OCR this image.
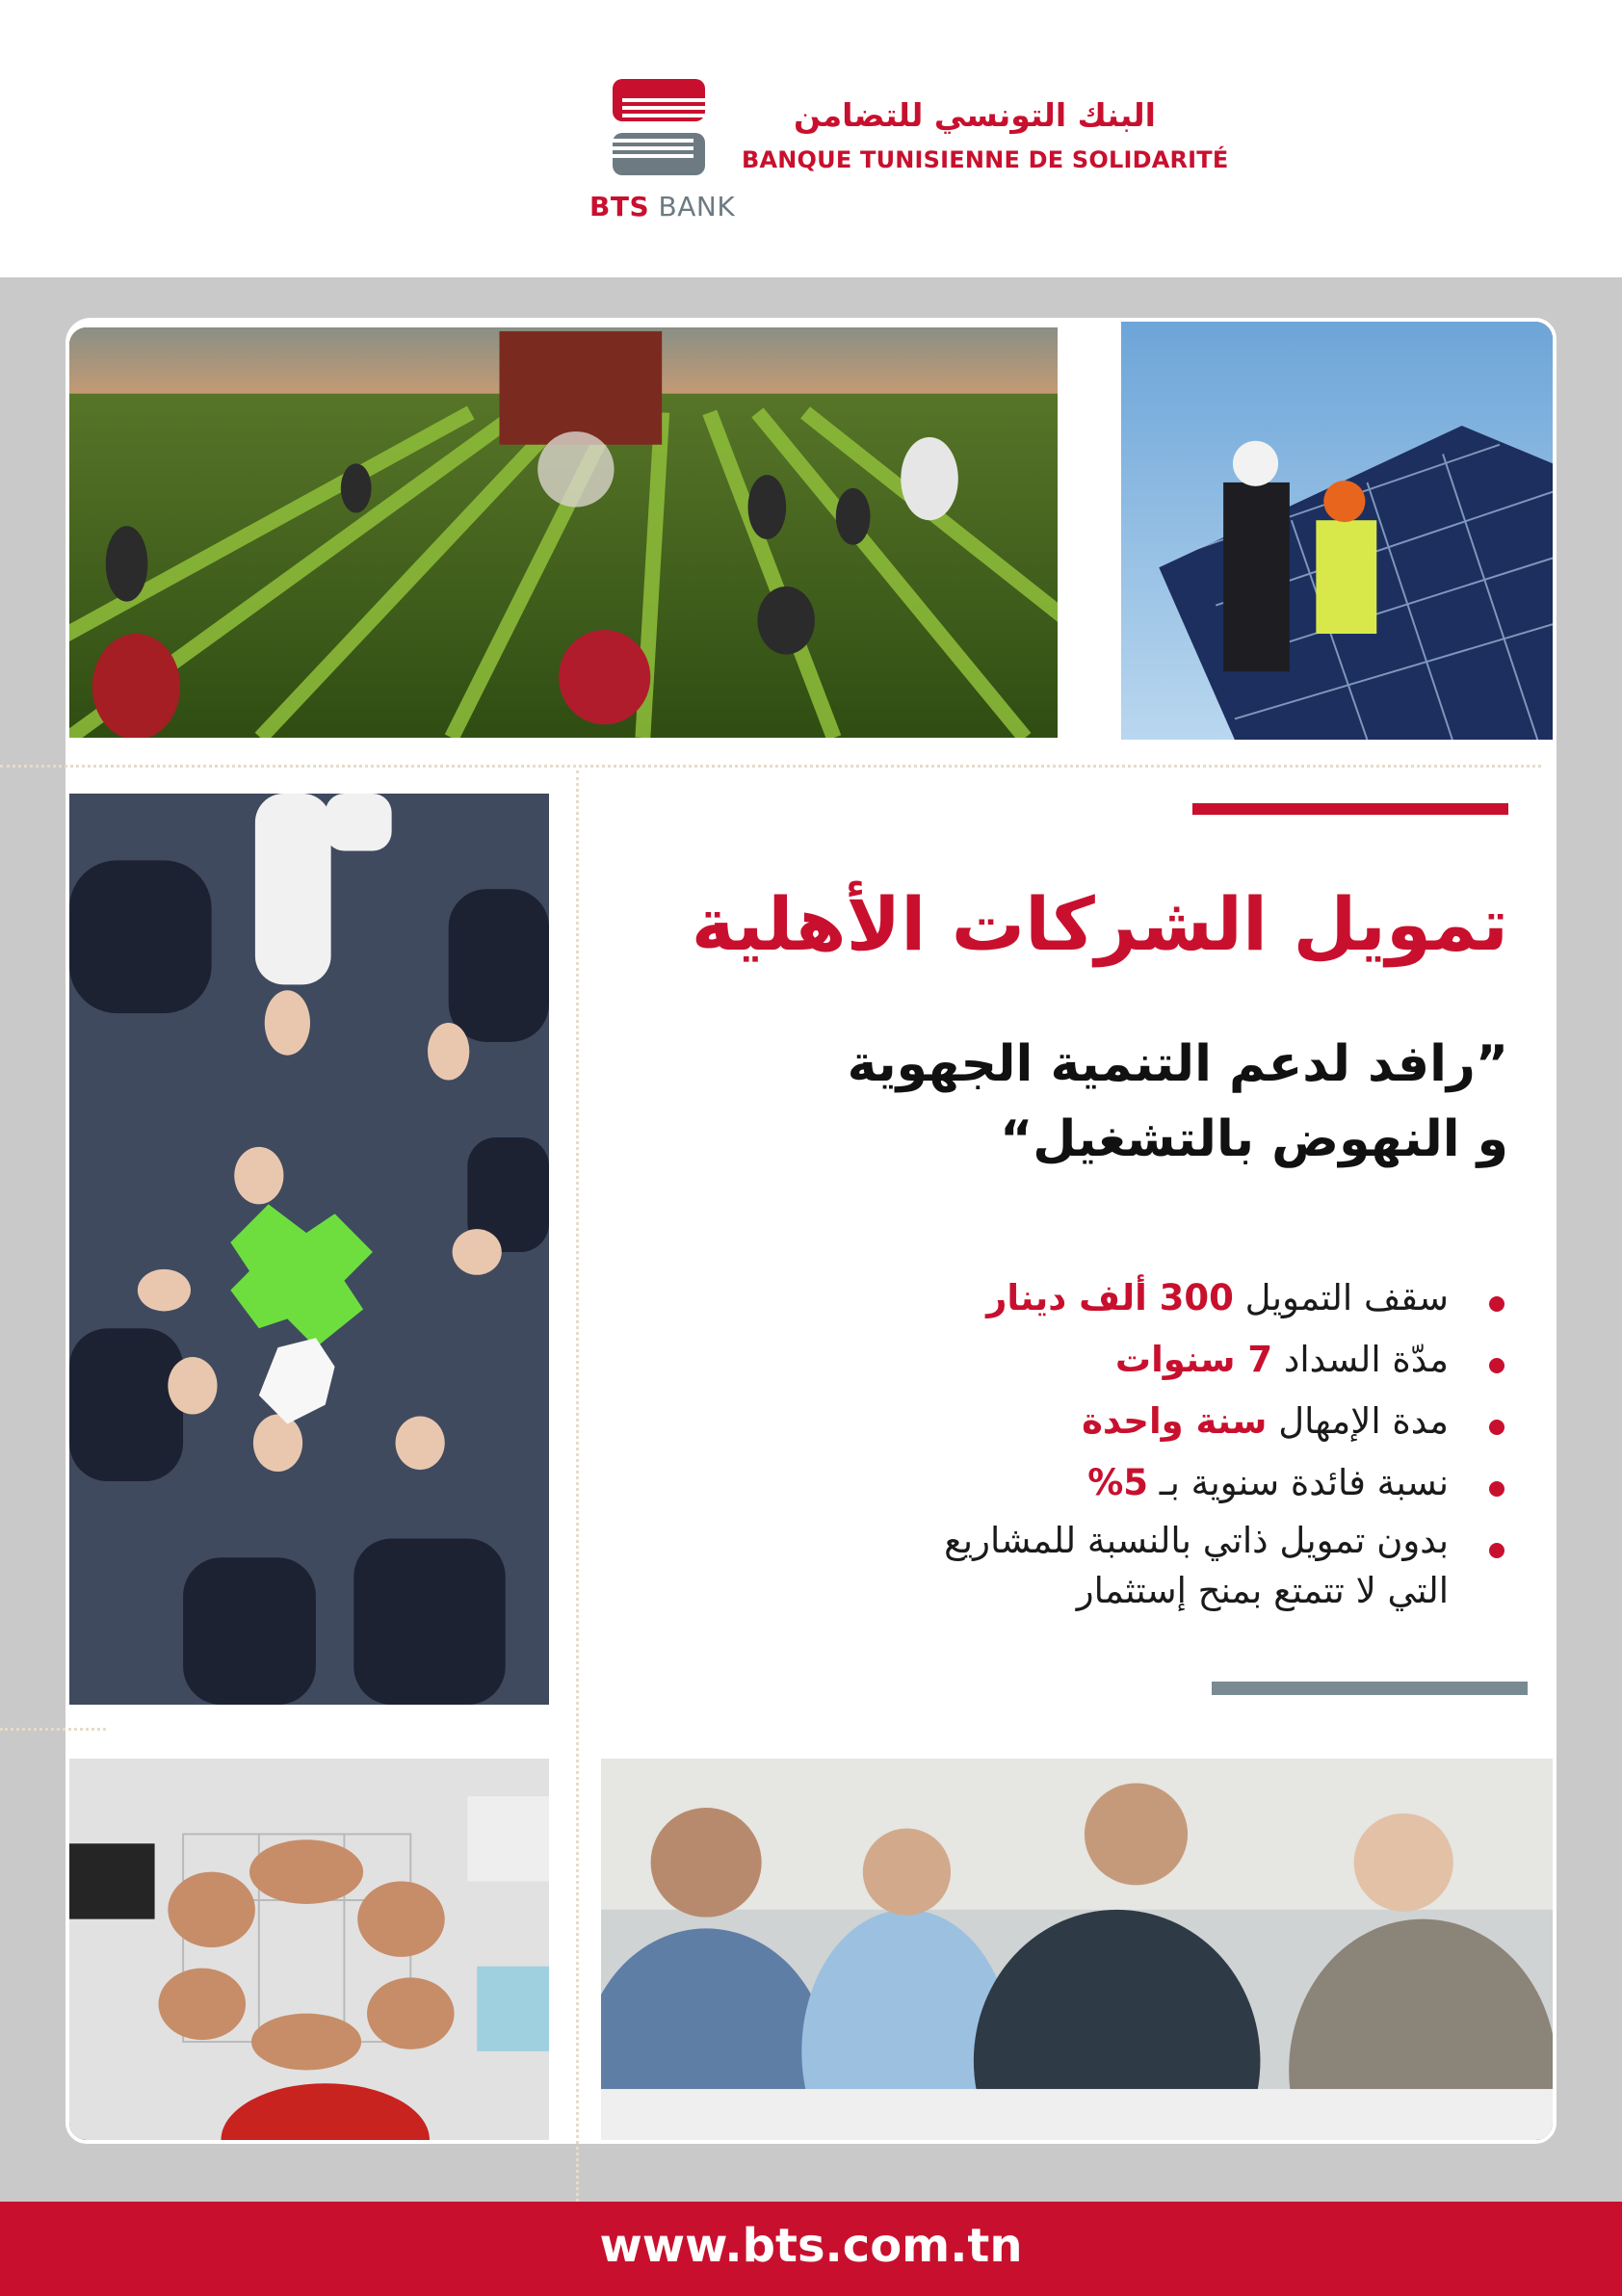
BTS BANK
البنك التونسي للتضامن
BANQUE TUNISIENNE DE SOLIDARITÉ
تمويل الشركات الأهلية
”رافد لدعم التنمية الجهوية
و النهوض بالتشغيل“
سقف التمويل 300 ألف دينار
مدّة السداد 7 سنوات
مدة الإمهال سنة واحدة
نسبة فائدة سنوية بـ 5%
بدون تمويل ذاتي بالنسبة للمشاريع
التي لا تتمتع بمنح إستثمار
www.bts.com.tn
